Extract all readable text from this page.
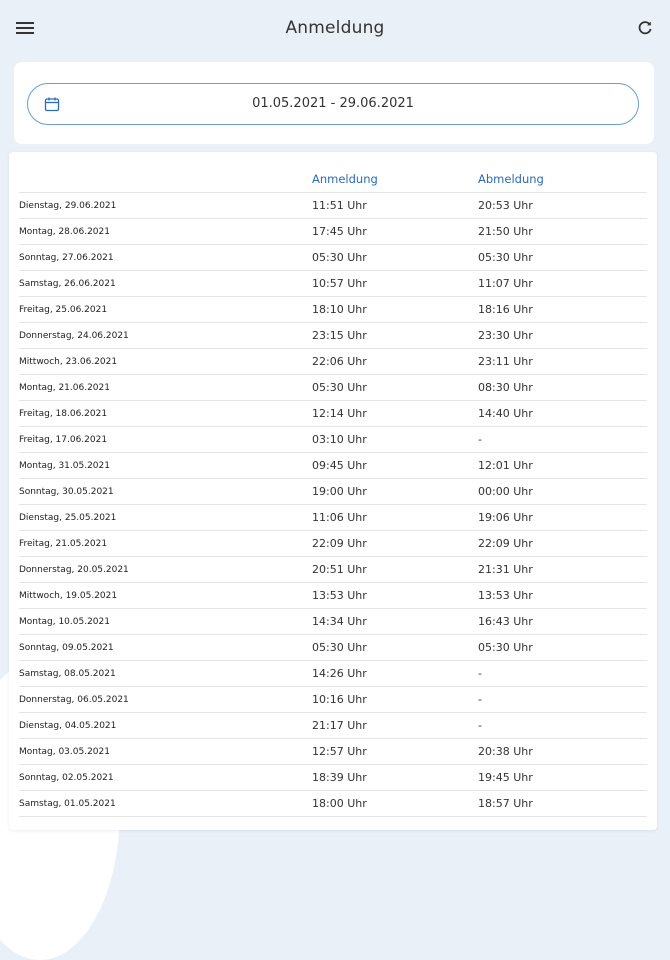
Anmeldung
01.05.2021 - 29.06.2021
	Anmeldung	Abmeldung
Dienstag, 29.06.2021	11:51 Uhr	20:53 Uhr
Montag, 28.06.2021	17:45 Uhr	21:50 Uhr
Sonntag, 27.06.2021	05:30 Uhr	05:30 Uhr
Samstag, 26.06.2021	10:57 Uhr	11:07 Uhr
Freitag, 25.06.2021	18:10 Uhr	18:16 Uhr
Donnerstag, 24.06.2021	23:15 Uhr	23:30 Uhr
Mittwoch, 23.06.2021	22:06 Uhr	23:11 Uhr
Montag, 21.06.2021	05:30 Uhr	08:30 Uhr
Freitag, 18.06.2021	12:14 Uhr	14:40 Uhr
Freitag, 17.06.2021	03:10 Uhr	-
Montag, 31.05.2021	09:45 Uhr	12:01 Uhr
Sonntag, 30.05.2021	19:00 Uhr	00:00 Uhr
Dienstag, 25.05.2021	11:06 Uhr	19:06 Uhr
Freitag, 21.05.2021	22:09 Uhr	22:09 Uhr
Donnerstag, 20.05.2021	20:51 Uhr	21:31 Uhr
Mittwoch, 19.05.2021	13:53 Uhr	13:53 Uhr
Montag, 10.05.2021	14:34 Uhr	16:43 Uhr
Sonntag, 09.05.2021	05:30 Uhr	05:30 Uhr
Samstag, 08.05.2021	14:26 Uhr	-
Donnerstag, 06.05.2021	10:16 Uhr	-
Dienstag, 04.05.2021	21:17 Uhr	-
Montag, 03.05.2021	12:57 Uhr	20:38 Uhr
Sonntag, 02.05.2021	18:39 Uhr	19:45 Uhr
Samstag, 01.05.2021	18:00 Uhr	18:57 Uhr
